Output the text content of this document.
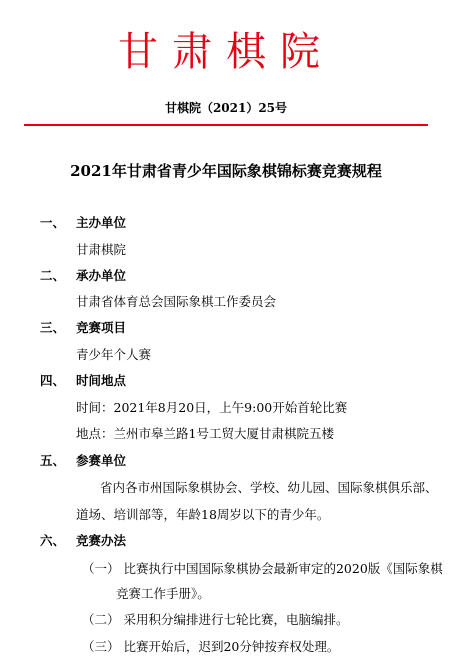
甘肃棋院
甘棋院（2021）25号
2021年甘肃省青少年国际象棋锦标赛竞赛规程
一、 主办单位
甘肃棋院
二、 承办单位
甘肃省体育总会国际象棋工作委员会
三、 竞赛项目
青少年个人赛
四、 时间地点
时间：2021年8月20日，上午9:00开始首轮比赛
地点：兰州市皋兰路1号工贸大厦甘肃棋院五楼
五、 参赛单位
省内各市州国际象棋协会、学校、幼儿园、国际象棋俱乐部、
道场、培训部等，年龄18周岁以下的青少年。
六、 竞赛办法
（一） 比赛执行中国国际象棋协会最新审定的2020版《国际象棋
竞赛工作手册》。
（二） 采用积分编排进行七轮比赛，电脑编排。
（三） 比赛开始后，迟到20分钟按弃权处理。
